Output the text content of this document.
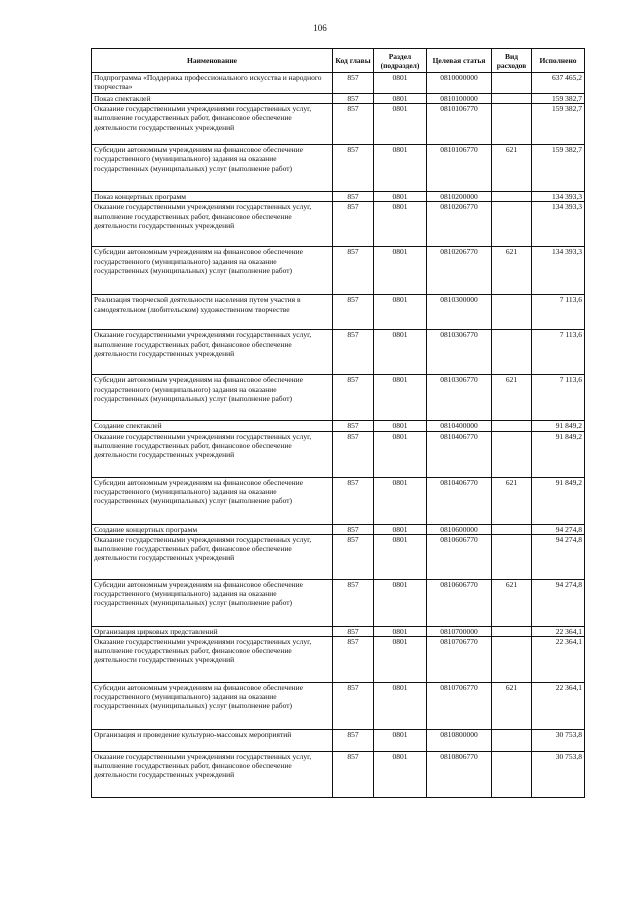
106
Наименование	Код главы	Раздел (подраздел)	Целевая статья	Вид расходов	Исполнено
Подпрограмма «Поддержка профессионального искусства и народного творчества»	857	0801	0810000000		637 465,2
Показ спектаклей	857	0801	0810100000		159 382,7
Оказание государственными учреждениями государственных услуг, выполнение государственных работ, финансовое обеспечение деятельности государственных учреждений	857	0801	0810106770		159 382,7
Субсидии автономным учреждениям на финансовое обеспечение государственного (муниципального) задания на оказание государственных (муниципальных) услуг (выполнение работ)	857	0801	0810106770	621	159 382,7
Показ концертных программ	857	0801	0810200000		134 393,3
Оказание государственными учреждениями государственных услуг, выполнение государственных работ, финансовое обеспечение деятельности государственных учреждений	857	0801	0810206770		134 393,3
Субсидии автономным учреждениям на финансовое обеспечение государственного (муниципального) задания на оказание государственных (муниципальных) услуг (выполнение работ)	857	0801	0810206770	621	134 393,3
Реализация творческой деятельности населения путем участия в самодеятельном (любительском) художественном творчестве	857	0801	0810300000		7 113,6
Оказание государственными учреждениями государственных услуг, выполнение государственных работ, финансовое обеспечение деятельности государственных учреждений	857	0801	0810306770		7 113,6
Субсидии автономным учреждениям на финансовое обеспечение государственного (муниципального) задания на оказание государственных (муниципальных) услуг (выполнение работ)	857	0801	0810306770	621	7 113,6
Создание спектаклей	857	0801	0810400000		91 849,2
Оказание государственными учреждениями государственных услуг, выполнение государственных работ, финансовое обеспечение деятельности государственных учреждений	857	0801	0810406770		91 849,2
Субсидии автономным учреждениям на финансовое обеспечение государственного (муниципального) задания на оказание государственных (муниципальных) услуг (выполнение работ)	857	0801	0810406770	621	91 849,2
Создание концертных программ	857	0801	0810600000		94 274,8
Оказание государственными учреждениями государственных услуг, выполнение государственных работ, финансовое обеспечение деятельности государственных учреждений	857	0801	0810606770		94 274,8
Субсидии автономным учреждениям на финансовое обеспечение государственного (муниципального) задания на оказание государственных (муниципальных) услуг (выполнение работ)	857	0801	0810606770	621	94 274,8
Организация цирковых представлений	857	0801	0810700000		22 364,1
Оказание государственными учреждениями государственных услуг, выполнение государственных работ, финансовое обеспечение деятельности государственных учреждений	857	0801	0810706770		22 364,1
Субсидии автономным учреждениям на финансовое обеспечение государственного (муниципального) задания на оказание государственных (муниципальных) услуг (выполнение работ)	857	0801	0810706770	621	22 364,1
Организация и проведение культурно-массовых мероприятий	857	0801	0810800000		30 753,8
Оказание государственными учреждениями государственных услуг, выполнение государственных работ, финансовое обеспечение деятельности государственных учреждений	857	0801	0810806770		30 753,8
